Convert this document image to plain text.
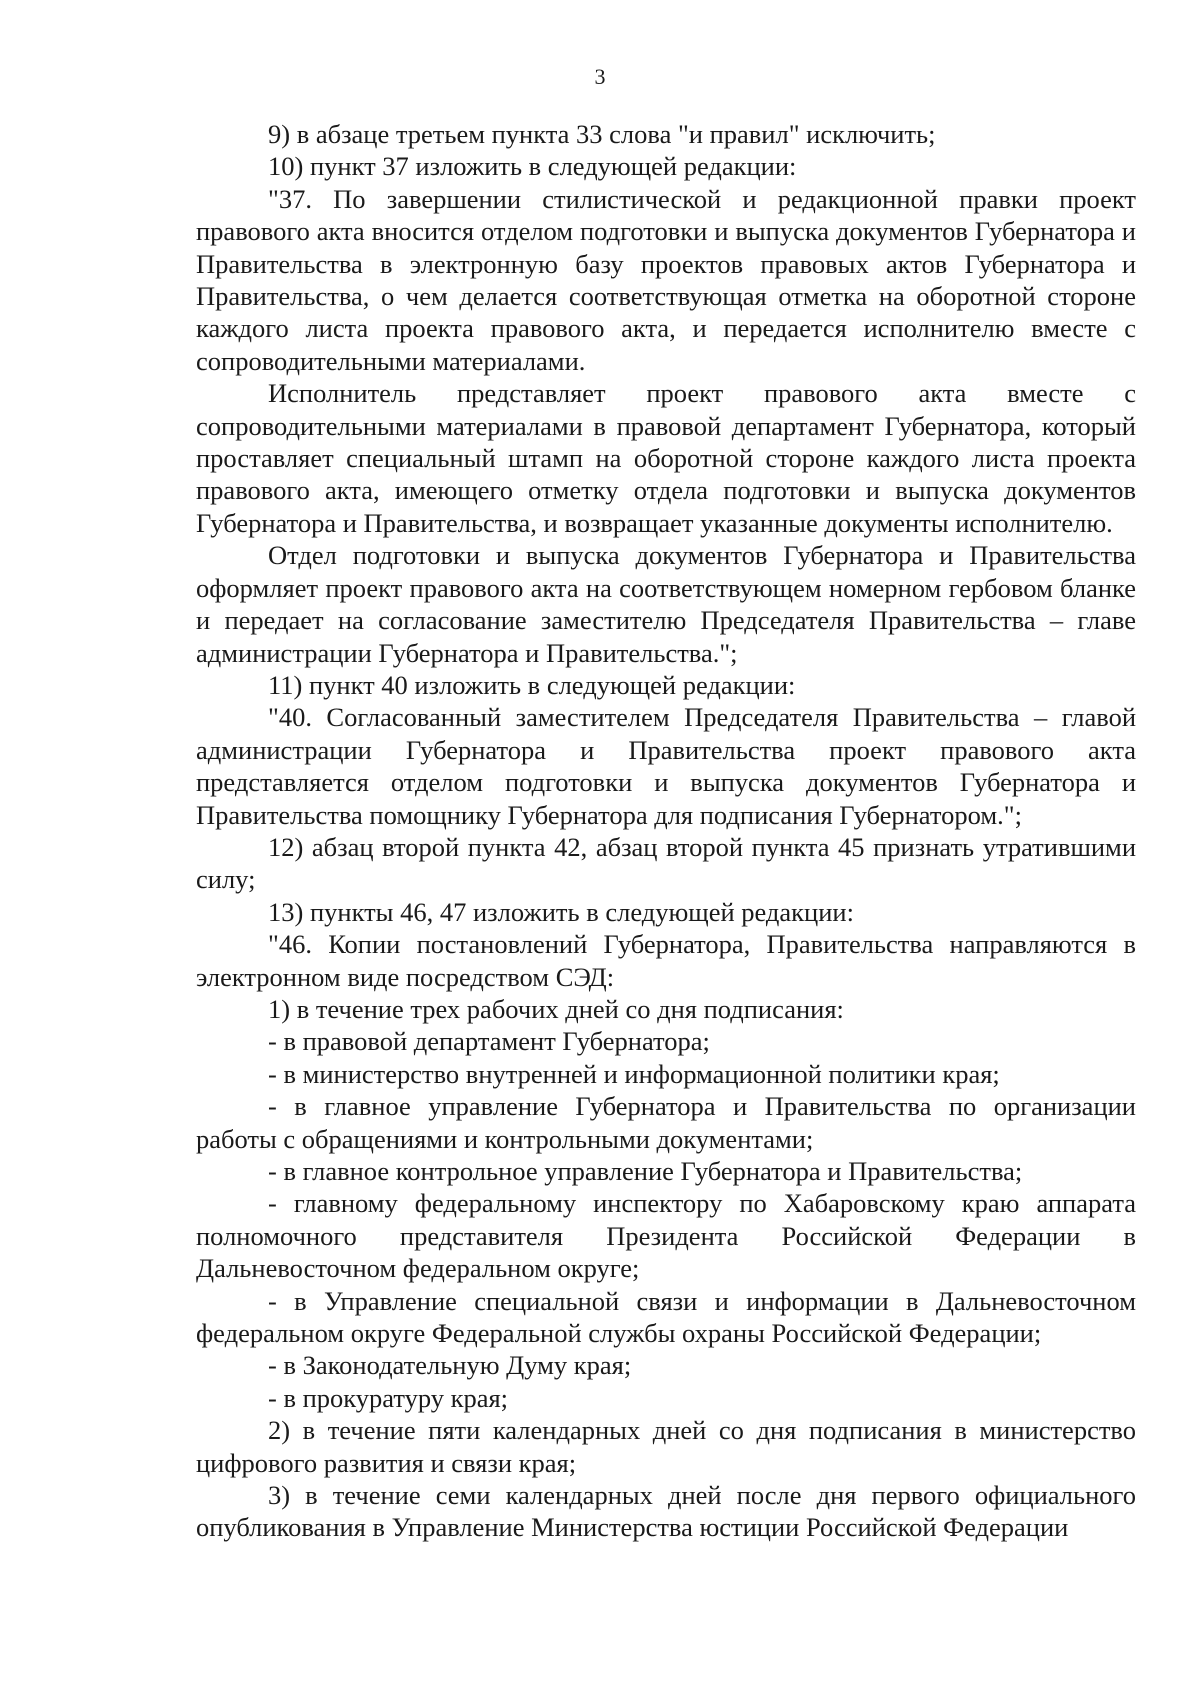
3

9) в абзаце третьем пункта 33 слова "и правил" исключить;

10) пункт 37 изложить в следующей редакции:

"37. По завершении стилистической и редакционной правки проект правового акта вносится отделом подготовки и выпуска документов Губернатора и Правительства в электронную базу проектов правовых актов Губернатора и Правительства, о чем делается соответствующая отметка на оборотной стороне каждого листа проекта правового акта, и передается исполнителю вместе с сопроводительными материалами.

Исполнитель представляет проект правового акта вместе с сопроводительными материалами в правовой департамент Губернатора, который проставляет специальный штамп на оборотной стороне каждого листа проекта правового акта, имеющего отметку отдела подготовки и выпуска документов Губернатора и Правительства, и возвращает указанные документы исполнителю.

Отдел подготовки и выпуска документов Губернатора и Правительства оформляет проект правового акта на соответствующем номерном гербовом бланке и передает на согласование заместителю Председателя Правительства – главе администрации Губернатора и Правительства.";

11) пункт 40 изложить в следующей редакции:

"40. Согласованный заместителем Председателя Правительства – главой администрации Губернатора и Правительства проект правового акта представляется отделом подготовки и выпуска документов Губернатора и Правительства помощнику Губернатора для подписания Губернатором.";

12) абзац второй пункта 42, абзац второй пункта 45 признать утратившими силу;

13) пункты 46, 47 изложить в следующей редакции:

"46. Копии постановлений Губернатора, Правительства направляются в электронном виде посредством СЭД:

1) в течение трех рабочих дней со дня подписания:

- в правовой департамент Губернатора;

- в министерство внутренней и информационной политики края;

- в главное управление Губернатора и Правительства по организации работы с обращениями и контрольными документами;

- в главное контрольное управление Губернатора и Правительства;

- главному федеральному инспектору по Хабаровскому краю аппарата полномочного представителя Президента Российской Федерации в Дальневосточном федеральном округе;

- в Управление специальной связи и информации в Дальневосточном федеральном округе Федеральной службы охраны Российской Федерации;

- в Законодательную Думу края;

- в прокуратуру края;

2) в течение пяти календарных дней со дня подписания в министерство цифрового развития и связи края;

3) в течение семи календарных дней после дня первого официального опубликования в Управление Министерства юстиции Российской Федерации
